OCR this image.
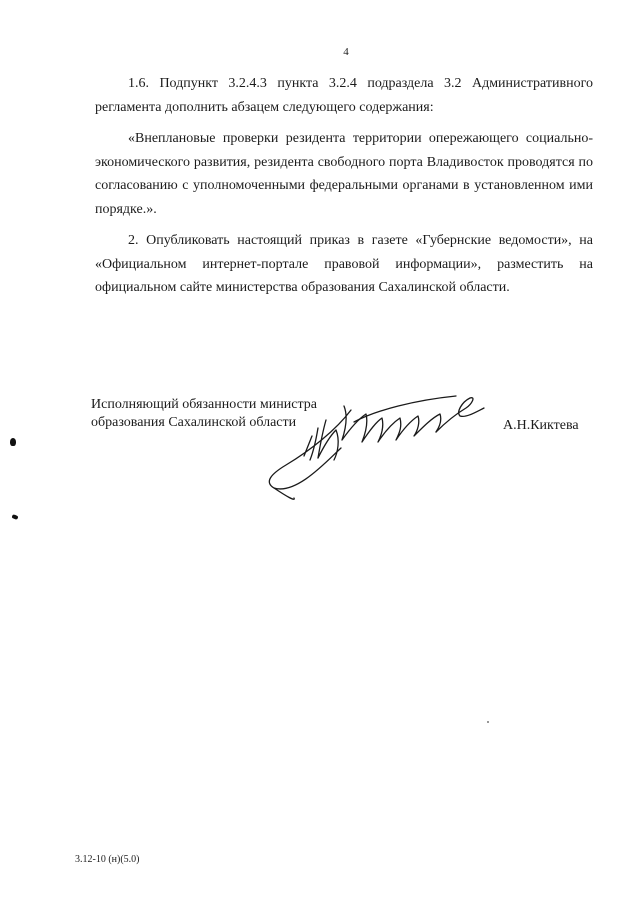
4

1.6. Подпункт 3.2.4.3 пункта 3.2.4 подраздела 3.2 Административного регламента дополнить абзацем следующего содержания:

«Внеплановые проверки резидента территории опережающего социально-экономического развития, резидента свободного порта Владивосток проводятся по согласованию с уполномоченными федеральными органами в установленном ими порядке.».

2. Опубликовать настоящий приказ в газете «Губернские ведомости», на «Официальном интернет-портале правовой информации», разместить на официальном сайте министерства образования Сахалинской области.

Исполняющий обязанности министра
образования Сахалинской области	А.Н.Киктева
3.12-10 (н)(5.0)
